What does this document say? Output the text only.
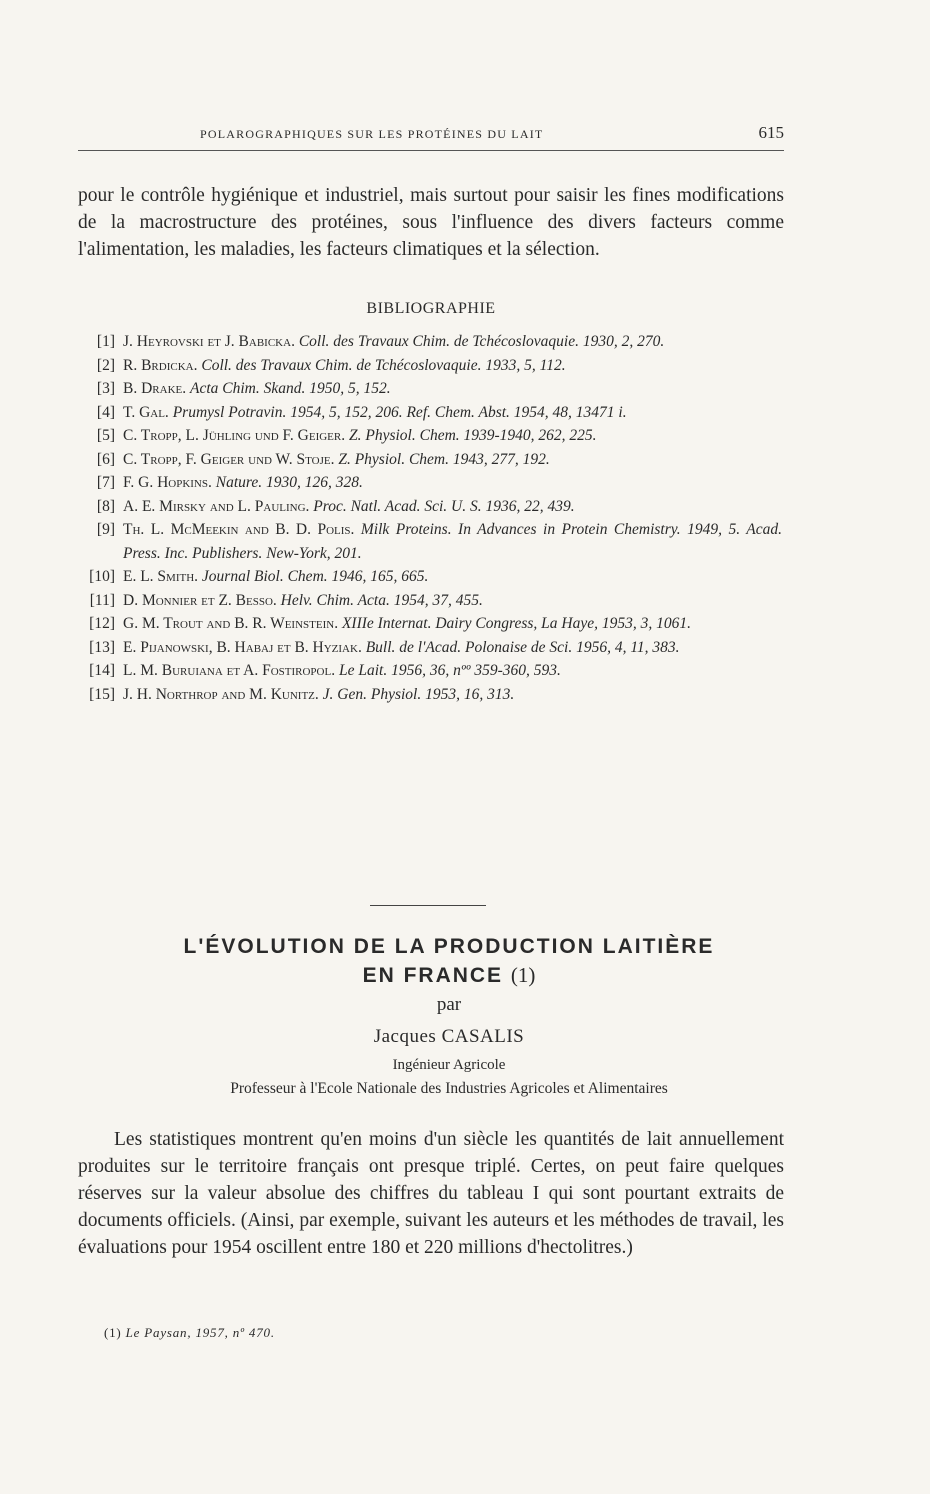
POLAROGRAPHIQUES SUR LES PROTÉINES DU LAIT	615

pour le contrôle hygiénique et industriel, mais surtout pour saisir les fines modifications de la macrostructure des protéines, sous l'influence des divers facteurs comme l'alimentation, les maladies, les facteurs climatiques et la sélection.

BIBLIOGRAPHIE
[1] J. Heyrovski et J. Babicka. Coll. des Travaux Chim. de Tchécoslovaquie. 1930, 2, 270.
[2] R. Brdicka. Coll. des Travaux Chim. de Tchécoslovaquie. 1933, 5, 112.
[3] B. Drake. Acta Chim. Skand. 1950, 5, 152.
[4] T. Gal. Prumysl Potravin. 1954, 5, 152, 206. Ref. Chem. Abst. 1954, 48, 13471 i.
[5] C. Tropp, L. Jühling und F. Geiger. Z. Physiol. Chem. 1939-1940, 262, 225.
[6] C. Tropp, F. Geiger und W. Stoje. Z. Physiol. Chem. 1943, 277, 192.
[7] F. G. Hopkins. Nature. 1930, 126, 328.
[8] A. E. Mirsky and L. Pauling. Proc. Natl. Acad. Sci. U. S. 1936, 22, 439.
[9] Th. L. McMeekin and B. D. Polis. Milk Proteins. In Advances in Protein Chemistry. 1949, 5. Acad. Press. Inc. Publishers. New-York, 201.
[10] E. L. Smith. Journal Biol. Chem. 1946, 165, 665.
[11] D. Monnier et Z. Besso. Helv. Chim. Acta. 1954, 37, 455.
[12] G. M. Trout and B. R. Weinstein. XIIIe Internat. Dairy Congress, La Haye, 1953, 3, 1061.
[13] E. Pijanowski, B. Habaj et B. Hyziak. Bull. de l'Acad. Polonaise de Sci. 1956, 4, 11, 383.
[14] L. M. Buruiana et A. Fostiropol. Le Lait. 1956, 36, nºº 359-360, 593.
[15] J. H. Northrop and M. Kunitz. J. Gen. Physiol. 1953, 16, 313.
L'ÉVOLUTION DE LA PRODUCTION LAITIÈRE
EN FRANCE (1)
par
Jacques CASALIS
Ingénieur Agricole
Professeur à l'Ecole Nationale des Industries Agricoles et Alimentaires

Les statistiques montrent qu'en moins d'un siècle les quantités de lait annuellement produites sur le territoire français ont presque triplé. Certes, on peut faire quelques réserves sur la valeur absolue des chiffres du tableau I qui sont pourtant extraits de documents officiels. (Ainsi, par exemple, suivant les auteurs et les méthodes de travail, les évaluations pour 1954 oscillent entre 180 et 220 millions d'hectolitres.)

(1) Le Paysan, 1957, nº 470.
